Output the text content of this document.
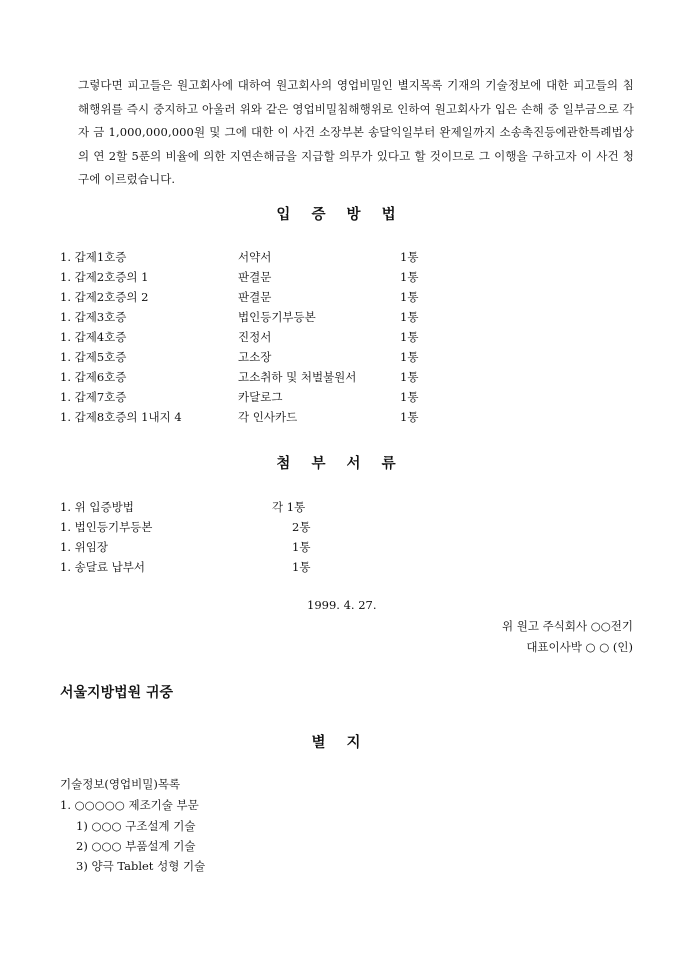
그렇다면 피고들은 원고회사에 대하여 원고회사의 영업비밀인 별지목록 기재의 기술정보에 대한 피고들의 침해행위를 즉시 중지하고 아울러 위와 같은 영업비밀침해행위로 인하여 원고회사가 입은 손해 중 일부금으로 각자 금 1,000,000,000원 및 그에 대한 이 사건 소장부본 송달익일부터 완제일까지 소송촉진등에관한특례법상의 연 2할 5푼의 비율에 의한 지연손해금을 지급할 의무가 있다고 할 것이므로 그 이행을 구하고자 이 사건 청구에 이르렀습니다.
입 증 방 법
1. 갑제1호증	서약서	1통
1. 갑제2호증의 1	판결문	1통
1. 갑제2호증의 2	판결문	1통
1. 갑제3호증	법인등기부등본	1통
1. 갑제4호증	진정서	1통
1. 갑제5호증	고소장	1통
1. 갑제6호증	고소취하 및 처벌불원서	1통
1. 갑제7호증	카달로그	1통
1. 갑제8호증의 1내지 4	각 인사카드	1통
첨 부 서 류
1. 위 입증방법	각 1통
1. 법인등기부등본	2통
1. 위임장	1통
1. 송달료 납부서	1통
1999. 4. 27.
위 원고 주식회사 ○○전기
대표이사박 ○ ○ (인)
서울지방법원 귀중
별 지
기술정보(영업비밀)목록
1. ○○○○○ 제조기술 부문
1) ○○○ 구조설계 기술
2) ○○○ 부품설계 기술
3) 양극 Tablet 성형 기술
